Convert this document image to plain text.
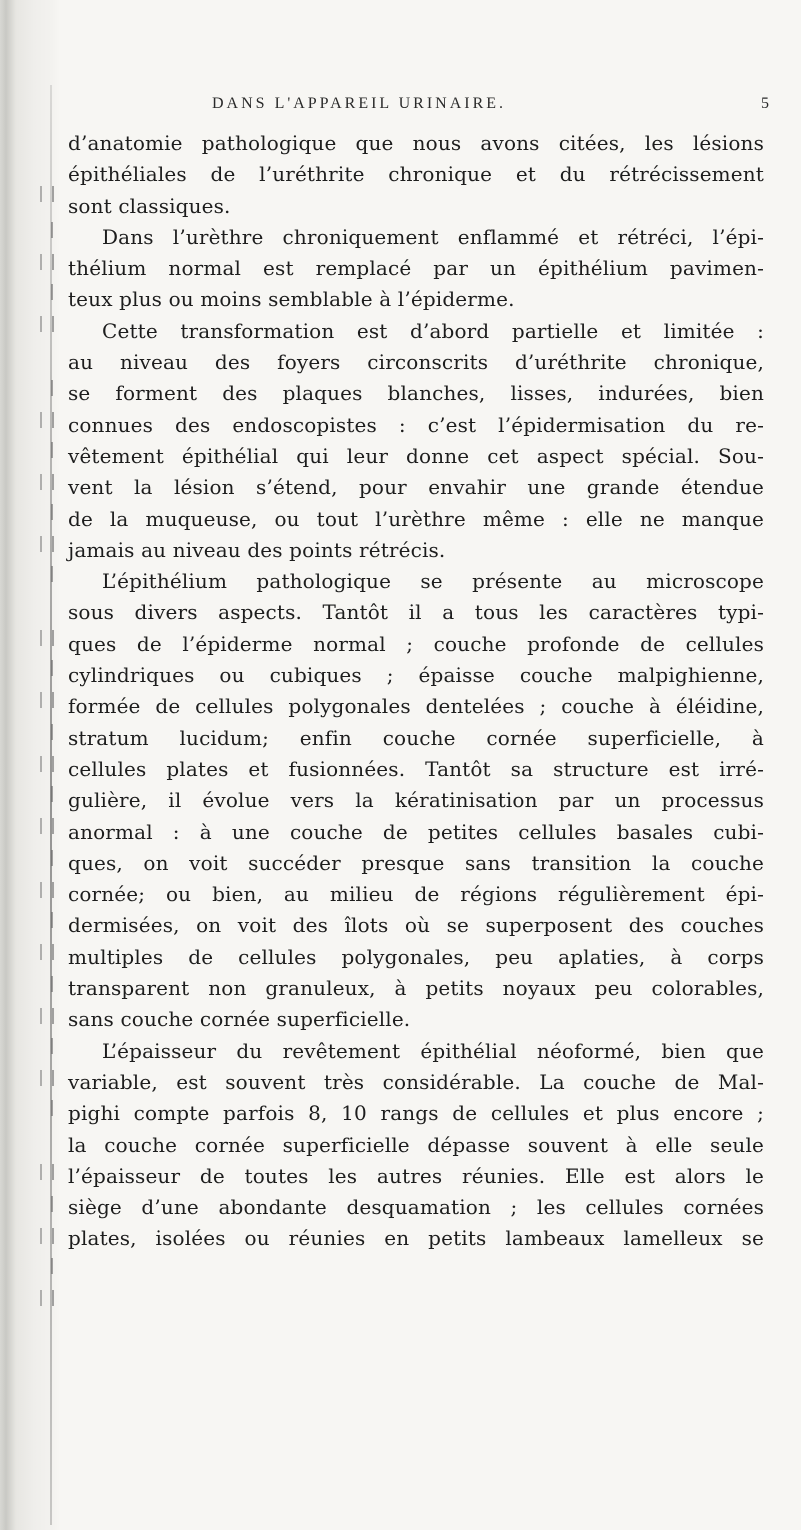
DANS L'APPAREIL URINAIRE.	5
d’anatomie pathologique que nous avons citées, les lésions
épithéliales de l’uréthrite chronique et du rétrécissement
sont classiques.
Dans l’urèthre chroniquement enflammé et rétréci, l’épi-
thélium normal est remplacé par un épithélium pavimen-
teux plus ou moins semblable à l’épiderme.
Cette transformation est d’abord partielle et limitée :
au niveau des foyers circonscrits d’uréthrite chronique,
se forment des plaques blanches, lisses, indurées, bien
connues des endoscopistes : c’est l’épidermisation du re-
vêtement épithélial qui leur donne cet aspect spécial. Sou-
vent la lésion s’étend, pour envahir une grande étendue
de la muqueuse, ou tout l’urèthre même : elle ne manque
jamais au niveau des points rétrécis.
L’épithélium pathologique se présente au microscope
sous divers aspects. Tantôt il a tous les caractères typi-
ques de l’épiderme normal ; couche profonde de cellules
cylindriques ou cubiques ; épaisse couche malpighienne,
formée de cellules polygonales dentelées ; couche à éléidine,
stratum lucidum; enfin couche cornée superficielle, à
cellules plates et fusionnées. Tantôt sa structure est irré-
gulière, il évolue vers la kératinisation par un processus
anormal : à une couche de petites cellules basales cubi-
ques, on voit succéder presque sans transition la couche
cornée; ou bien, au milieu de régions régulièrement épi-
dermisées, on voit des îlots où se superposent des couches
multiples de cellules polygonales, peu aplaties, à corps
transparent non granuleux, à petits noyaux peu colorables,
sans couche cornée superficielle.
L’épaisseur du revêtement épithélial néoformé, bien que
variable, est souvent très considérable. La couche de Mal-
pighi compte parfois 8, 10 rangs de cellules et plus encore ;
la couche cornée superficielle dépasse souvent à elle seule
l’épaisseur de toutes les autres réunies. Elle est alors le
siège d’une abondante desquamation ; les cellules cornées
plates, isolées ou réunies en petits lambeaux lamelleux se
